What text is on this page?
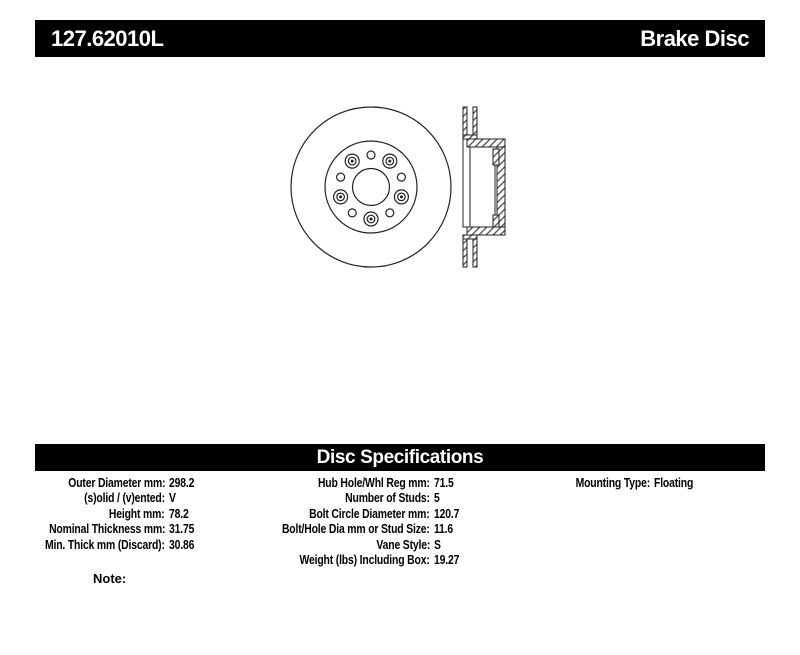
127.62010L	Brake Disc
Disc Specifications
Outer Diameter mm: 298.2
(s)olid / (v)ented: V
Height mm: 78.2
Nominal Thickness mm: 31.75
Min. Thick mm (Discard): 30.86
Hub Hole/Whl Reg mm: 71.5
Number of Studs: 5
Bolt Circle Diameter mm: 120.7
Bolt/Hole Dia mm or Stud Size: 11.6
Vane Style: S
Weight (lbs) Including Box: 19.27
Mounting Type: Floating
Note:
